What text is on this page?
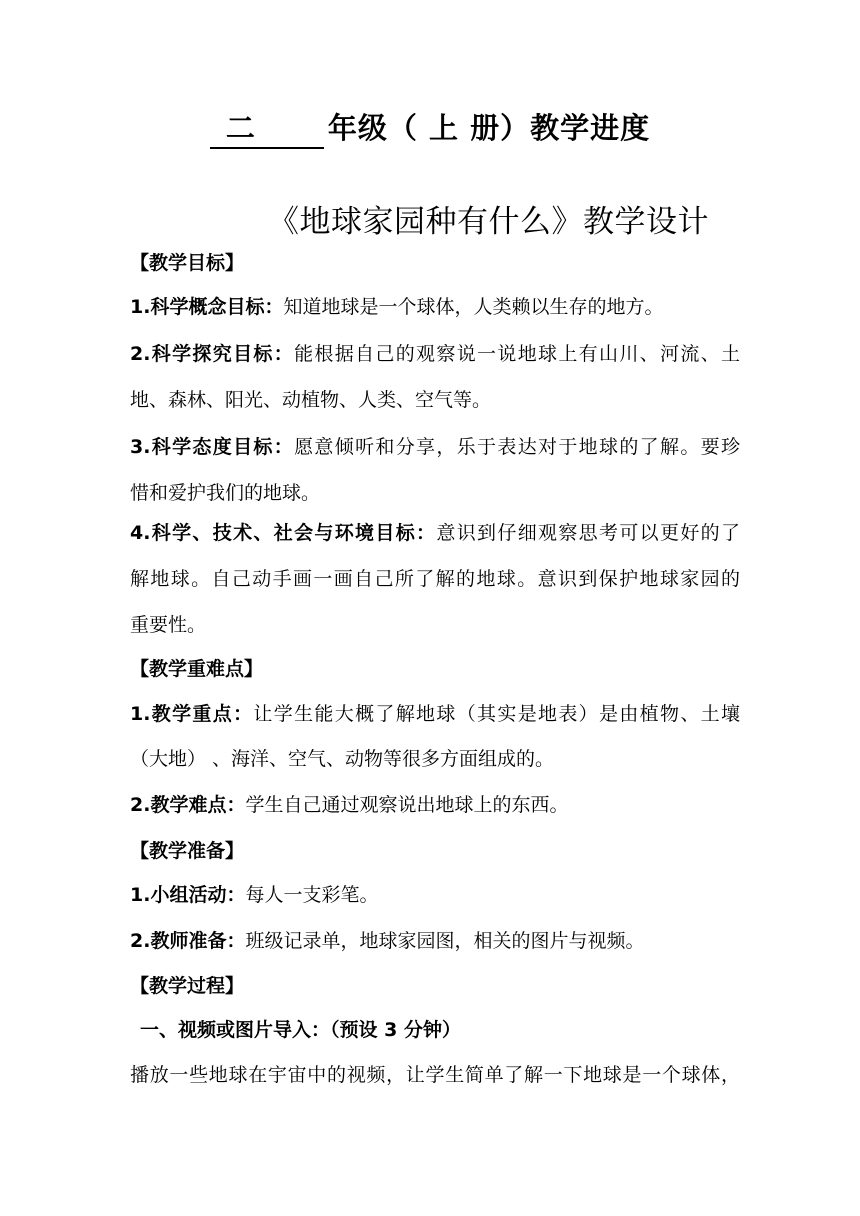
二 年级（ 上 册）教学进度
《地球家园种有什么》教学设计
【教学目标】
1.科学概念目标：知道地球是一个球体，人类赖以生存的地方。
2.科学探究目标：能根据自己的观察说一说地球上有山川、河流、土
地、森林、阳光、动植物、人类、空气等。
3.科学态度目标：愿意倾听和分享，乐于表达对于地球的了解。要珍
惜和爱护我们的地球。
4.科学、技术、社会与环境目标：意识到仔细观察思考可以更好的了
解地球。自己动手画一画自己所了解的地球。意识到保护地球家园的
重要性。
【教学重难点】
1.教学重点：让学生能大概了解地球（其实是地表）是由植物、土壤
（大地） 、海洋、空气、动物等很多方面组成的。
2.教学难点：学生自己通过观察说出地球上的东西。
【教学准备】
1.小组活动：每人一支彩笔。
2.教师准备：班级记录单，地球家园图，相关的图片与视频。
【教学过程】
一、视频或图片导入：（预设 3 分钟）
播放一些地球在宇宙中的视频，让学生简单了解一下地球是一个球体，
